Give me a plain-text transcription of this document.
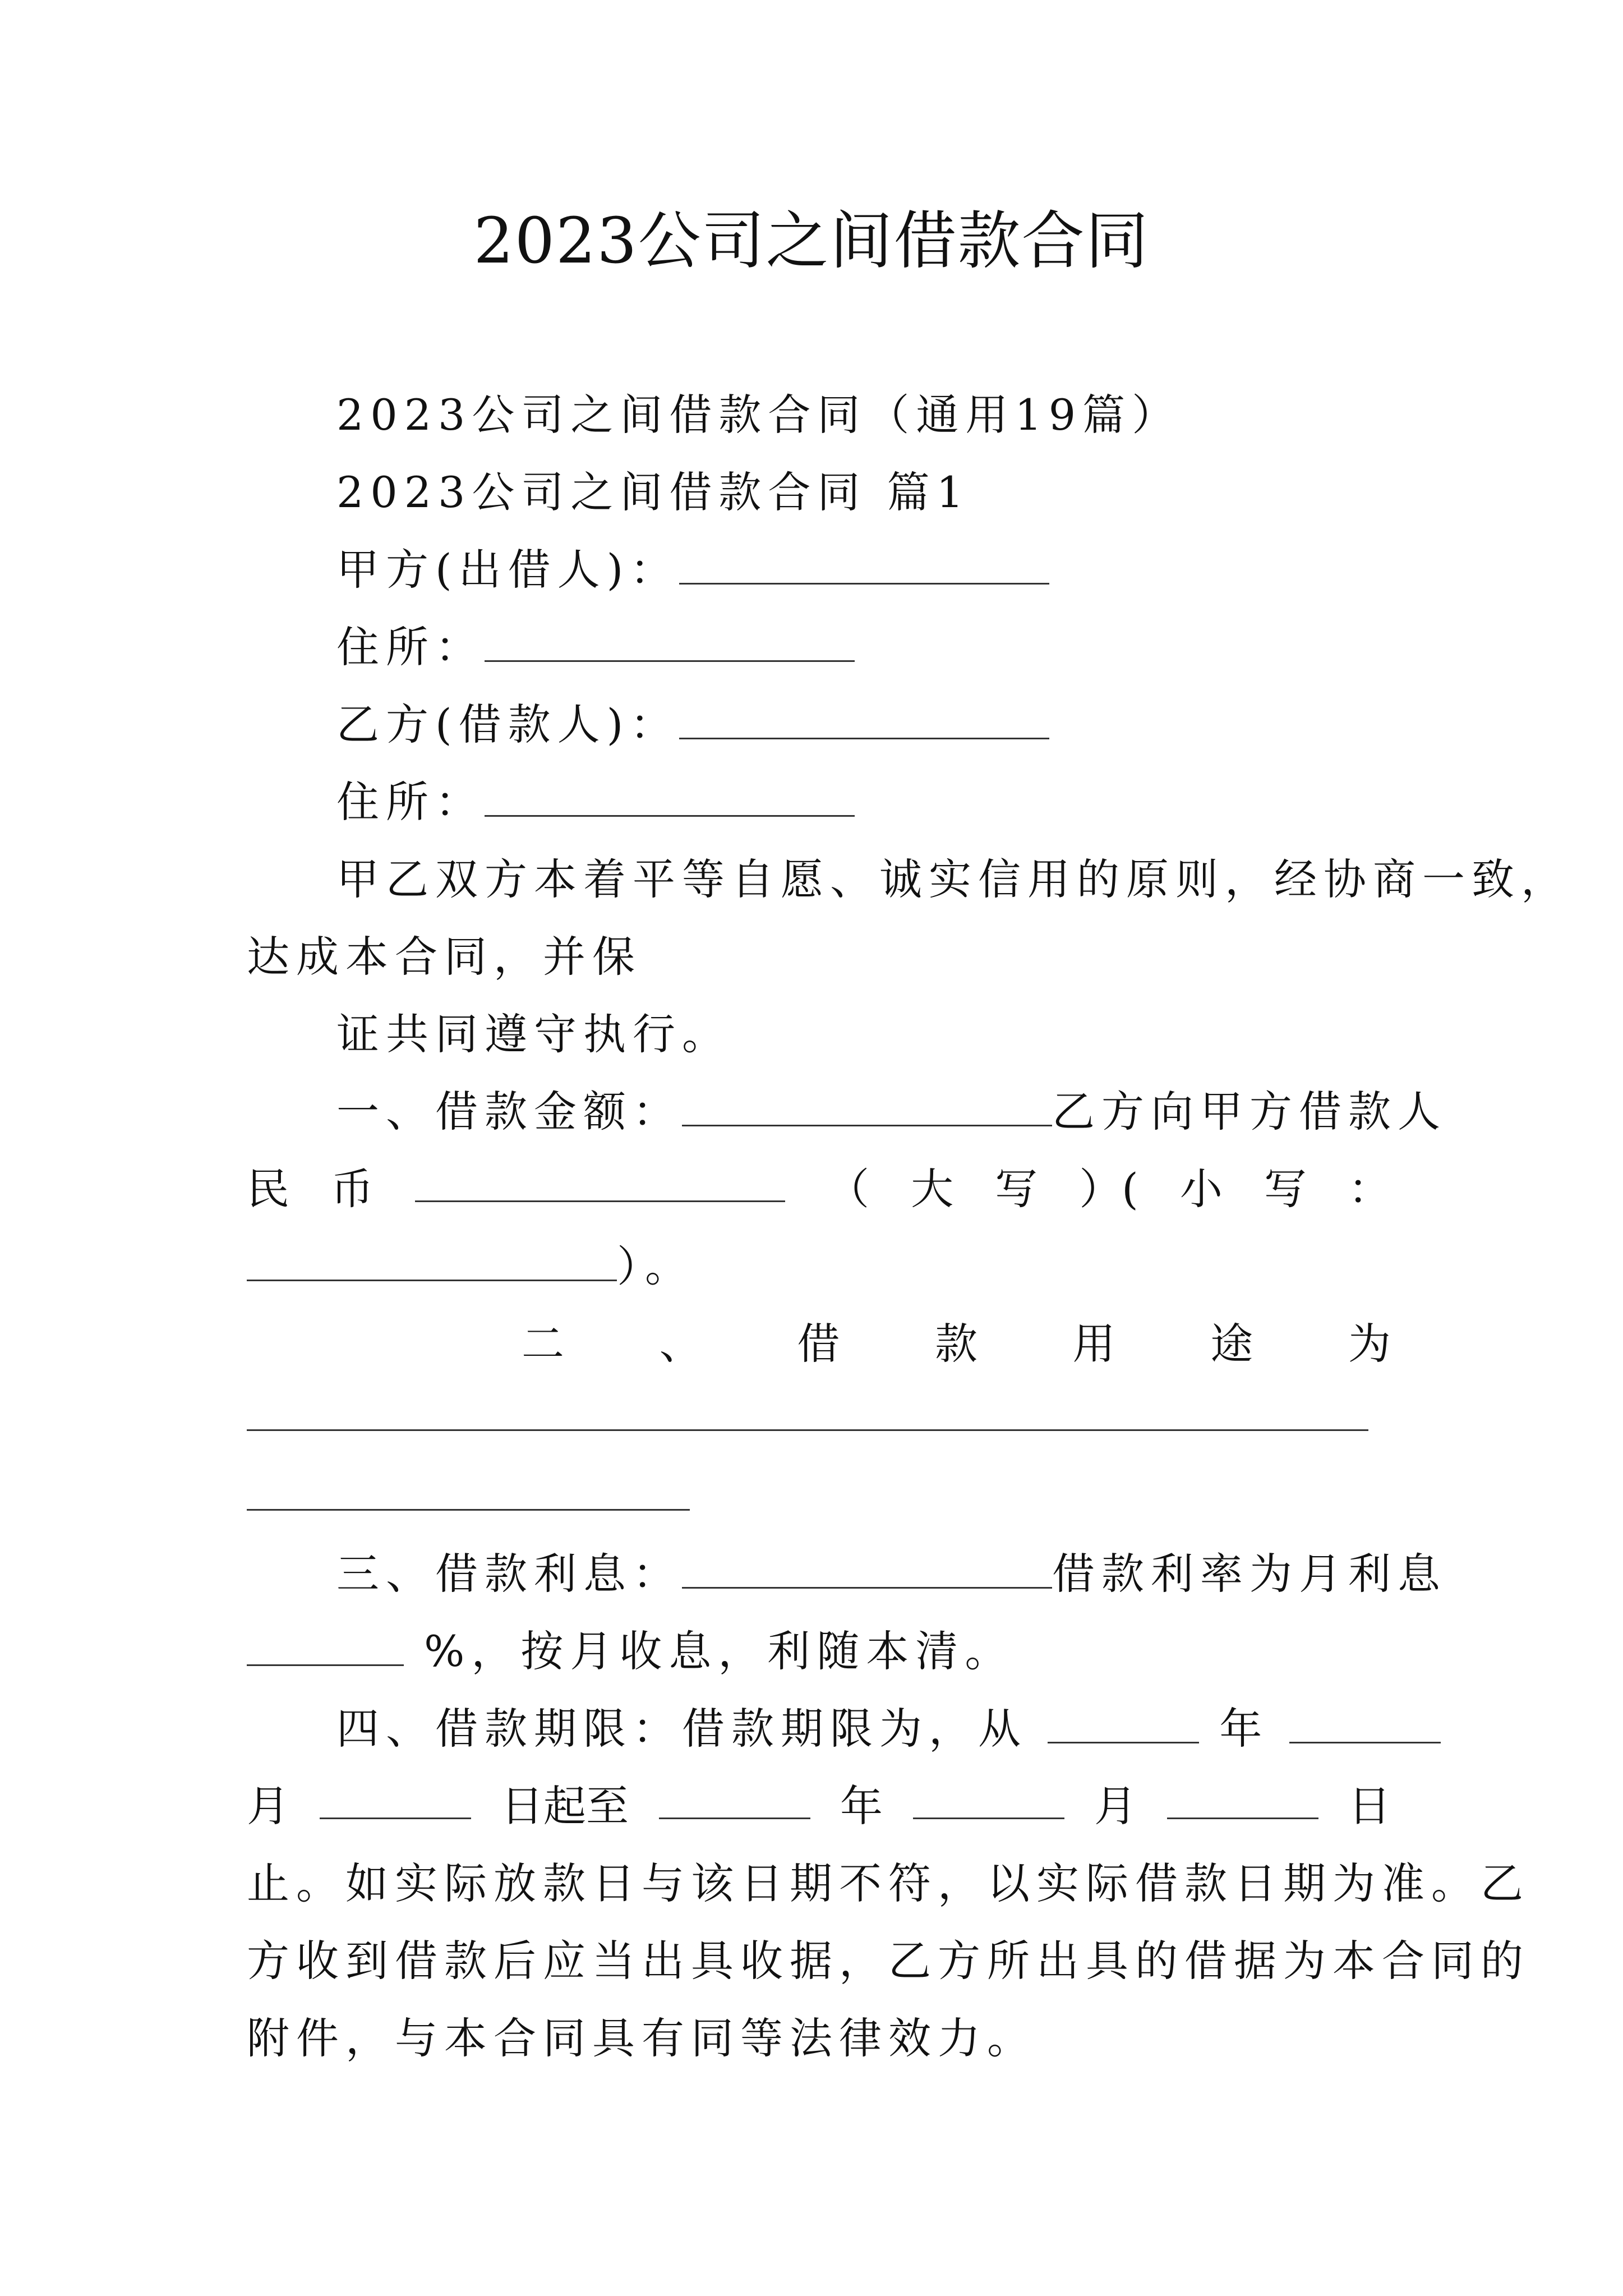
2023公司之间借款合同
2023公司之间借款合同（通用19篇）
2023公司之间借款合同 篇1
甲方(出借人)：
住所：
乙方(借款人)：
住所：
甲乙双方本着平等自愿、诚实信用的原则，经协商一致，
达成本合同，并保
证共同遵守执行。
一、借款金额：	乙方向甲方借款人
民 币	（ 大 写 ）( 小 写 ：
）。
二 、 借 款 用 途 为
三、借款利息：	借款利率为月利息
%，按月收息，利随本清。
四、借款期限：借款期限为，从	年
月	日起至	年	月	日
止。如实际放款日与该日期不符，以实际借款日期为准。乙
方收到借款后应当出具收据，乙方所出具的借据为本合同的
附件，与本合同具有同等法律效力。
